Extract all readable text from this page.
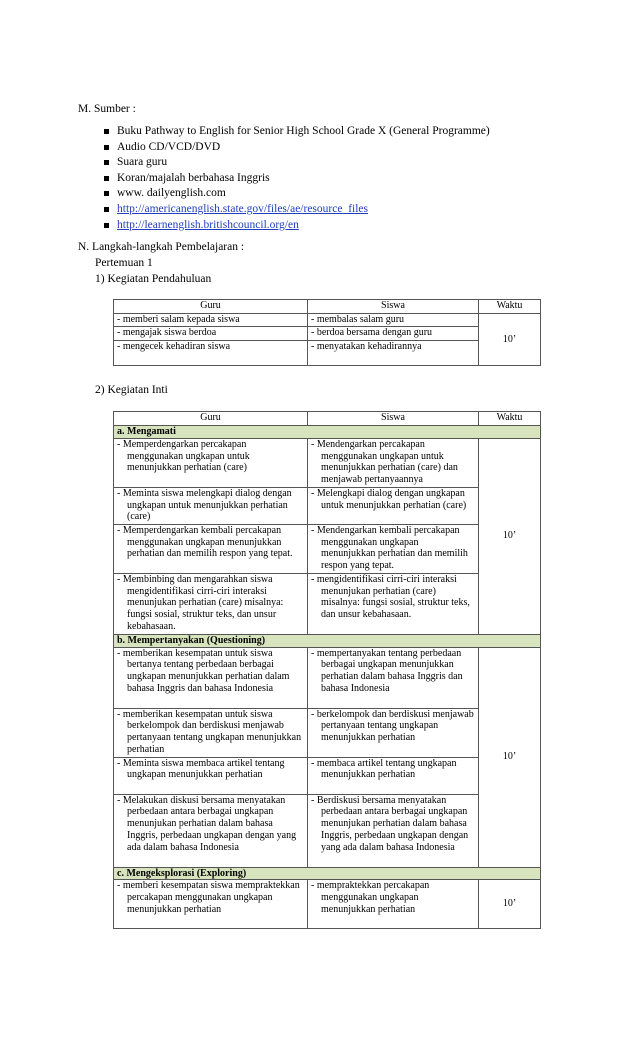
M. Sumber :
Buku Pathway to English for Senior High School Grade X (General Programme)
Audio CD/VCD/DVD
Suara guru
Koran/majalah berbahasa Inggris
www. dailyenglish.com
http://americanenglish.state.gov/files/ae/resource_files
http://learnenglish.britishcouncil.org/en
N. Langkah-langkah Pembelajaran :
Pertemuan 1
1) Kegiatan Pendahuluan
Guru	Siswa	Waktu
- memberi salam kepada siswa	- membalas salam guru	10’
- mengajak siswa berdoa	- berdoa bersama dengan guru	
- mengecek kehadiran siswa	- menyatakan kehadirannya	
2) Kegiatan Inti
Guru	Siswa	Waktu
a. Mengamati		

- Memperdengarkan percakapan menggunakan ungkapan untuk menunjukkan perhatian (care)	- Mendengarkan percakapan menggunakan ungkapan untuk menunjukkan perhatian (care) dan menjawab pertanyaannya	10’

- Meminta siswa melengkapi dialog dengan ungkapan untuk menunjukkan perhatian (care)	- Melengkapi dialog dengan ungkapan untuk menunjukkan perhatian (care)	

- Memperdengarkan kembali percakapan menggunakan ungkapan menunjukkan perhatian dan memilih respon yang tepat.	- Mendengarkan kembali percakapan menggunakan ungkapan menunjukkan perhatian dan memilih respon yang tepat.	

- Membinbing dan mengarahkan siswa mengidentifikasi cirri-ciri interaksi menunjukan perhatian (care) misalnya: fungsi sosial, struktur teks, dan unsur kebahasaan.	- mengidentifikasi cirri-ciri interaksi menunjukan perhatian (care) misalnya: fungsi sosial, struktur teks, dan unsur kebahasaan.	

b. Mempertanyakan (Questioning)		

- memberikan kesempatan untuk siswa bertanya tentang perbedaan berbagai ungkapan menunjukkan perhatian dalam bahasa Inggris dan bahasa Indonesia	- mempertanyakan tentang perbedaan berbagai ungkapan menunjukkan perhatian dalam bahasa Inggris dan bahasa Indonesia	10’

- memberikan kesempatan untuk siswa berkelompok dan berdiskusi menjawab pertanyaan tentang ungkapan menunjukkan perhatian	- berkelompok dan berdiskusi menjawab pertanyaan tentang ungkapan menunjukkan perhatian	

- Meminta siswa membaca artikel tentang ungkapan menunjukkan perhatian	- membaca artikel tentang ungkapan menunjukkan perhatian	

- Melakukan diskusi bersama menyatakan perbedaan antara berbagai ungkapan menunjukan perhatian dalam bahasa Inggris, perbedaan ungkapan dengan yang ada dalam bahasa Indonesia	- Berdiskusi bersama menyatakan perbedaan antara berbagai ungkapan menunjukan perhatian dalam bahasa Inggris, perbedaan ungkapan dengan yang ada dalam bahasa Indonesia	

c. Mengeksplorasi (Exploring)		

- memberi kesempatan siswa mempraktekkan percakapan menggunakan ungkapan menunjukkan perhatian	- mempraktekkan percakapan menggunakan ungkapan menunjukkan perhatian	10’
